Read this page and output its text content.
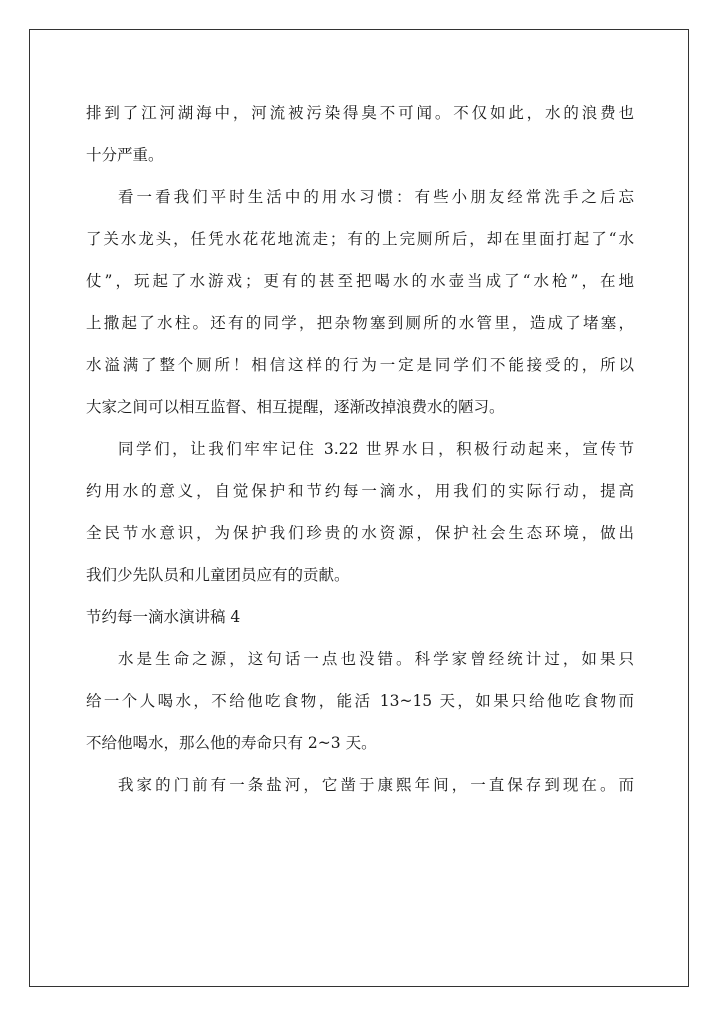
排到了江河湖海中，河流被污染得臭不可闻。不仅如此，水的浪费也
十分严重。
看一看我们平时生活中的用水习惯：有些小朋友经常洗手之后忘
了关水龙头，任凭水花花地流走；有的上完厕所后，却在里面打起了“水
仗”，玩起了水游戏；更有的甚至把喝水的水壶当成了“水枪”，在地
上撒起了水柱。还有的同学，把杂物塞到厕所的水管里，造成了堵塞，
水溢满了整个厕所！相信这样的行为一定是同学们不能接受的，所以
大家之间可以相互监督、相互提醒，逐渐改掉浪费水的陋习。
同学们，让我们牢牢记住 3.22 世界水日，积极行动起来，宣传节
约用水的意义，自觉保护和节约每一滴水，用我们的实际行动，提高
全民节水意识，为保护我们珍贵的水资源，保护社会生态环境，做出
我们少先队员和儿童团员应有的贡献。
节约每一滴水演讲稿 4
水是生命之源，这句话一点也没错。科学家曾经统计过，如果只
给一个人喝水，不给他吃食物，能活 13~15 天，如果只给他吃食物而
不给他喝水，那么他的寿命只有 2~3 天。
我家的门前有一条盐河，它凿于康熙年间，一直保存到现在。而
